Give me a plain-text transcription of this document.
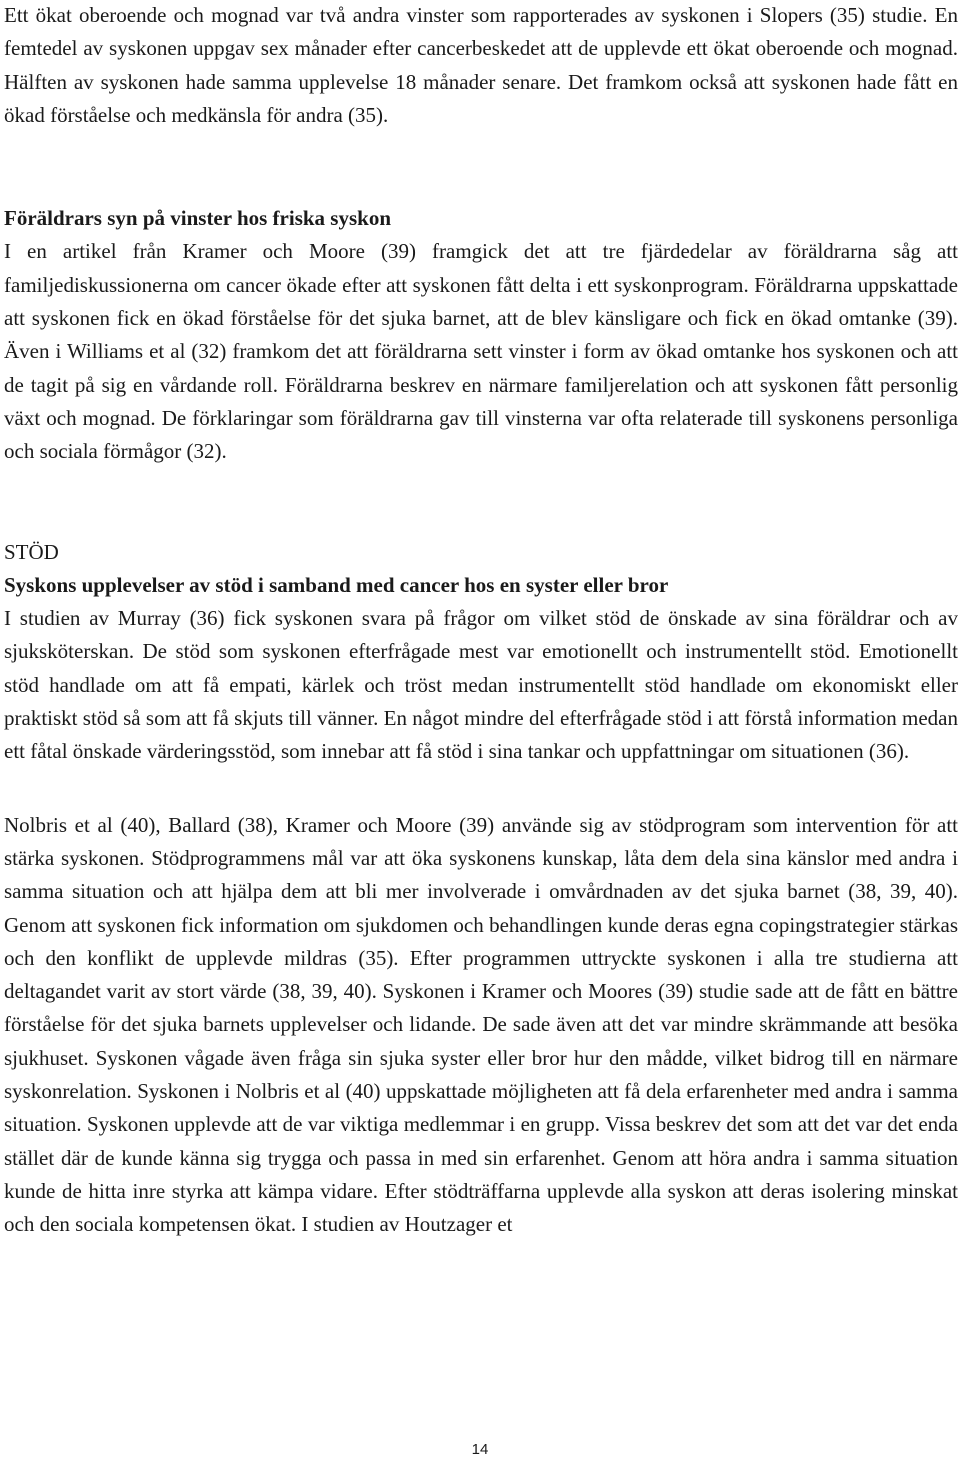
Ett ökat oberoende och mognad var två andra vinster som rapporterades av syskonen i Slopers (35) studie. En femtedel av syskonen uppgav sex månader efter cancerbeskedet att de upplevde ett ökat oberoende och mognad. Hälften av syskonen hade samma upplevelse 18 månader senare. Det framkom också att syskonen hade fått en ökad förståelse och medkänsla för andra (35).

Föräldrars syn på vinster hos friska syskon

I en artikel från Kramer och Moore (39) framgick det att tre fjärdedelar av föräldrarna såg att familjediskussionerna om cancer ökade efter att syskonen fått delta i ett syskonprogram. Föräldrarna uppskattade att syskonen fick en ökad förståelse för det sjuka barnet, att de blev känsligare och fick en ökad omtanke (39). Även i Williams et al (32) framkom det att föräldrarna sett vinster i form av ökad omtanke hos syskonen och att de tagit på sig en vårdande roll. Föräldrarna beskrev en närmare familjerelation och att syskonen fått personlig växt och mognad. De förklaringar som föräldrarna gav till vinsterna var ofta relaterade till syskonens personliga och sociala förmågor (32).

STÖD

Syskons upplevelser av stöd i samband med cancer hos en syster eller bror

I studien av Murray (36) fick syskonen svara på frågor om vilket stöd de önskade av sina föräldrar och av sjuksköterskan. De stöd som syskonen efterfrågade mest var emotionellt och instrumentellt stöd. Emotionellt stöd handlade om att få empati, kärlek och tröst medan instrumentellt stöd handlade om ekonomiskt eller praktiskt stöd så som att få skjuts till vänner. En något mindre del efterfrågade stöd i att förstå information medan ett fåtal önskade värderingsstöd, som innebar att få stöd i sina tankar och uppfattningar om situationen (36).

Nolbris et al (40), Ballard (38), Kramer och Moore (39) använde sig av stödprogram som intervention för att stärka syskonen. Stödprogrammens mål var att öka syskonens kunskap, låta dem dela sina känslor med andra i samma situation och att hjälpa dem att bli mer involverade i omvårdnaden av det sjuka barnet (38, 39, 40). Genom att syskonen fick information om sjukdomen och behandlingen kunde deras egna copingstrategier stärkas och den konflikt de upplevde mildras (35). Efter programmen uttryckte syskonen i alla tre studierna att deltagandet varit av stort värde (38, 39, 40). Syskonen i Kramer och Moores (39) studie sade att de fått en bättre förståelse för det sjuka barnets upplevelser och lidande. De sade även att det var mindre skrämmande att besöka sjukhuset. Syskonen vågade även fråga sin sjuka syster eller bror hur den mådde, vilket bidrog till en närmare syskonrelation. Syskonen i Nolbris et al (40) uppskattade möjligheten att få dela erfarenheter med andra i samma situation. Syskonen upplevde att de var viktiga medlemmar i en grupp. Vissa beskrev det som att det var det enda stället där de kunde känna sig trygga och passa in med sin erfarenhet. Genom att höra andra i samma situation kunde de hitta inre styrka att kämpa vidare. Efter stödträffarna upplevde alla syskon att deras isolering minskat och den sociala kompetensen ökat. I studien av Houtzager et

14
